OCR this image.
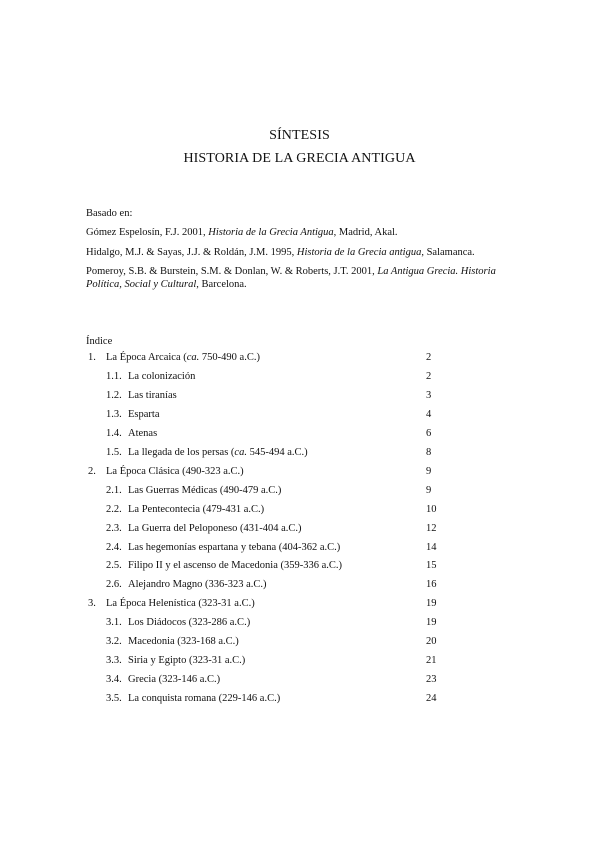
SÍNTESIS
HISTORIA DE LA GRECIA ANTIGUA
Basado en:
Gómez Espelosín, F.J. 2001, Historia de la Grecia Antigua, Madrid, Akal.
Hidalgo, M.J. & Sayas, J.J. & Roldán, J.M. 1995, Historia de la Grecia antigua, Salamanca.
Pomeroy, S.B. & Burstein, S.M. & Donlan, W. & Roberts, J.T. 2001, La Antigua Grecia. Historia Política, Social y Cultural, Barcelona.
Índice
1. La Época Arcaica (ca. 750-490 a.C.)	2
1.1. La colonización	2
1.2. Las tiranías	3
1.3. Esparta	4
1.4. Atenas	6
1.5. La llegada de los persas (ca. 545-494 a.C.)	8
2. La Época Clásica (490-323 a.C.)	9
2.1. Las Guerras Médicas (490-479 a.C.)	9
2.2. La Pentecontecia (479-431 a.C.)	10
2.3. La Guerra del Peloponeso (431-404 a.C.)	12
2.4. Las hegemonías espartana y tebana (404-362 a.C.)	14
2.5. Filipo II y el ascenso de Macedonia (359-336 a.C.)	15
2.6. Alejandro Magno (336-323 a.C.)	16
3. La Época Helenística (323-31 a.C.)	19
3.1. Los Diádocos (323-286 a.C.)	19
3.2. Macedonia (323-168 a.C.)	20
3.3. Siria y Egipto (323-31 a.C.)	21
3.4. Grecia (323-146 a.C.)	23
3.5. La conquista romana (229-146 a.C.)	24
